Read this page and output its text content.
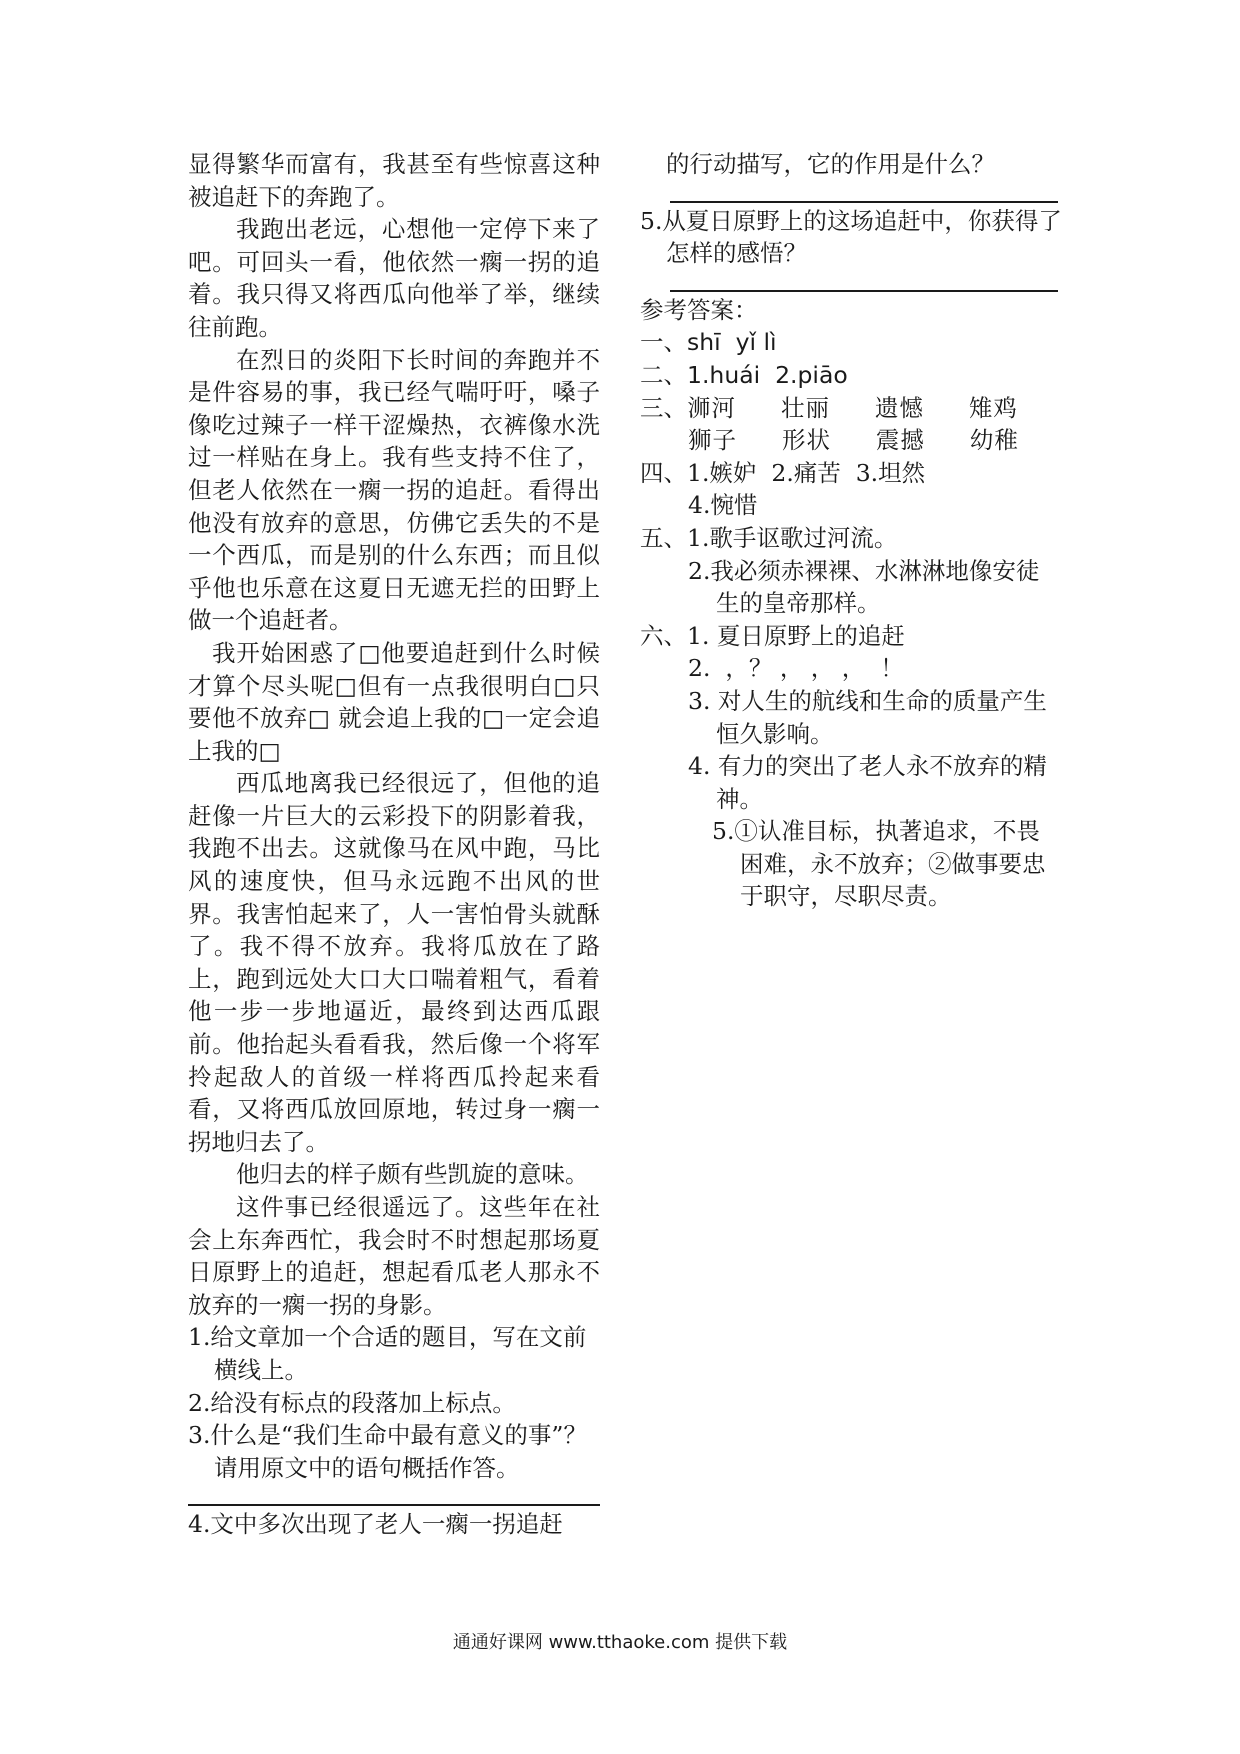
显得繁华而富有，我甚至有些惊喜这种被追赶下的奔跑了。

我跑出老远，心想他一定停下来了吧。可回头一看，他依然一瘸一拐的追着。我只得又将西瓜向他举了举，继续往前跑。

在烈日的炎阳下长时间的奔跑并不是件容易的事，我已经气喘吁吁，嗓子像吃过辣子一样干涩燥热，衣裤像水洗过一样贴在身上。我有些支持不住了，但老人依然在一瘸一拐的追赶。看得出他没有放弃的意思，仿佛它丢失的不是一个西瓜，而是别的什么东西；而且似乎他也乐意在这夏日无遮无拦的田野上做一个追赶者。

我开始困惑了□他要追赶到什么时候才算个尽头呢□但有一点我很明白□只要他不放弃□ 就会追上我的□一定会追上我的□

西瓜地离我已经很远了，但他的追赶像一片巨大的云彩投下的阴影着我，我跑不出去。这就像马在风中跑，马比风的速度快，但马永远跑不出风的世界。我害怕起来了，人一害怕骨头就酥了。我不得不放弃。我将瓜放在了路上，跑到远处大口大口喘着粗气，看着他一步一步地逼近，最终到达西瓜跟前。他抬起头看看我，然后像一个将军拎起敌人的首级一样将西瓜拎起来看看，又将西瓜放回原地，转过身一瘸一拐地归去了。

他归去的样子颇有些凯旋的意味。

这件事已经很遥远了。这些年在社会上东奔西忙，我会时不时想起那场夏日原野上的追赶，想起看瓜老人那永不放弃的一瘸一拐的身影。

1.给文章加一个合适的题目，写在文前横线上。

2.给没有标点的段落加上标点。

3.什么是“我们生命中最有意义的事”？请用原文中的语句概括作答。

4.文中多次出现了老人一瘸一拐追赶

的行动描写，它的作用是什么？

5.从夏日原野上的这场追赶中，你获得了怎样的感悟？

参考答案：

一、shī  yǐ lì

二、1.huái  2.piāo

三、浉河  壮丽  遗憾  雉鸡

狮子  形状  震撼  幼稚

四、1.嫉妒  2.痛苦  3.坦然

4.惋惜

五、1.歌手讴歌过河流。

2.我必须赤裸裸、水淋淋地像安徒生的皇帝那样。

六、1. 夏日原野上的追赶

2.  ，？ ， ， ，  ！

3. 对人生的航线和生命的质量产生恒久影响。

4. 有力的突出了老人永不放弃的精神。

5.①认准目标，执著追求，不畏困难，永不放弃；②做事要忠于职守，尽职尽责。

通通好课网 www.tthaoke.com 提供下载
